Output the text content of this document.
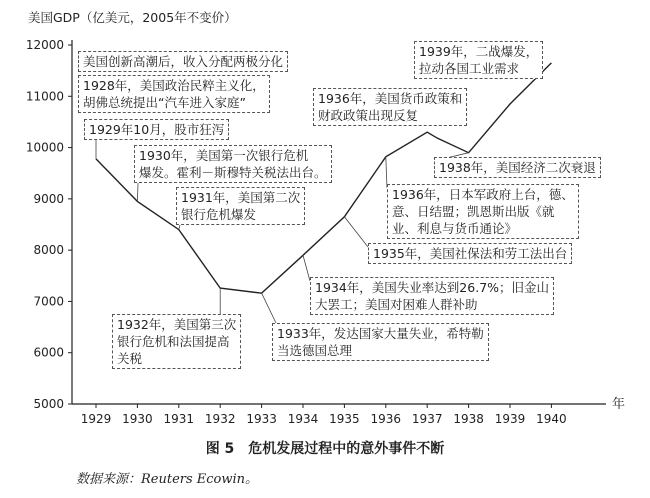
5000
6000
7000
8000
9000
10000
11000
12000
1929 1930 1931 1932 1933 1934 1935 1936 1937 1938 1939 1940
美国GDP（亿美元，2005年不变价）
年
美国创新高潮后，收入分配两极分化
1928年，美国政治民粹主义化，
胡佛总统提出“汽车进入家庭”
1929年10月，股市狂泻
1930年，美国第一次银行危机
爆发。霍利－斯穆特关税法出台。
1931年，美国第二次
银行危机爆发
1932年，美国第三次
银行危机和法国提高
关税
1933年，发达国家大量失业，希特勒
当选德国总理
1934年，美国失业率达到26.7%；旧金山
大罢工；美国对困难人群补助
1935年，美国社保法和劳工法出台
1936年，日本军政府上台，德、
意、日结盟；凯恩斯出版《就
业、利息与货币通论》
1936年，美国货币政策和
财政政策出现反复
1938年，美国经济二次衰退
1939年，二战爆发，
拉动各国工业需求
图 5　危机发展过程中的意外事件不断
数据来源：Reuters Ecowin。
